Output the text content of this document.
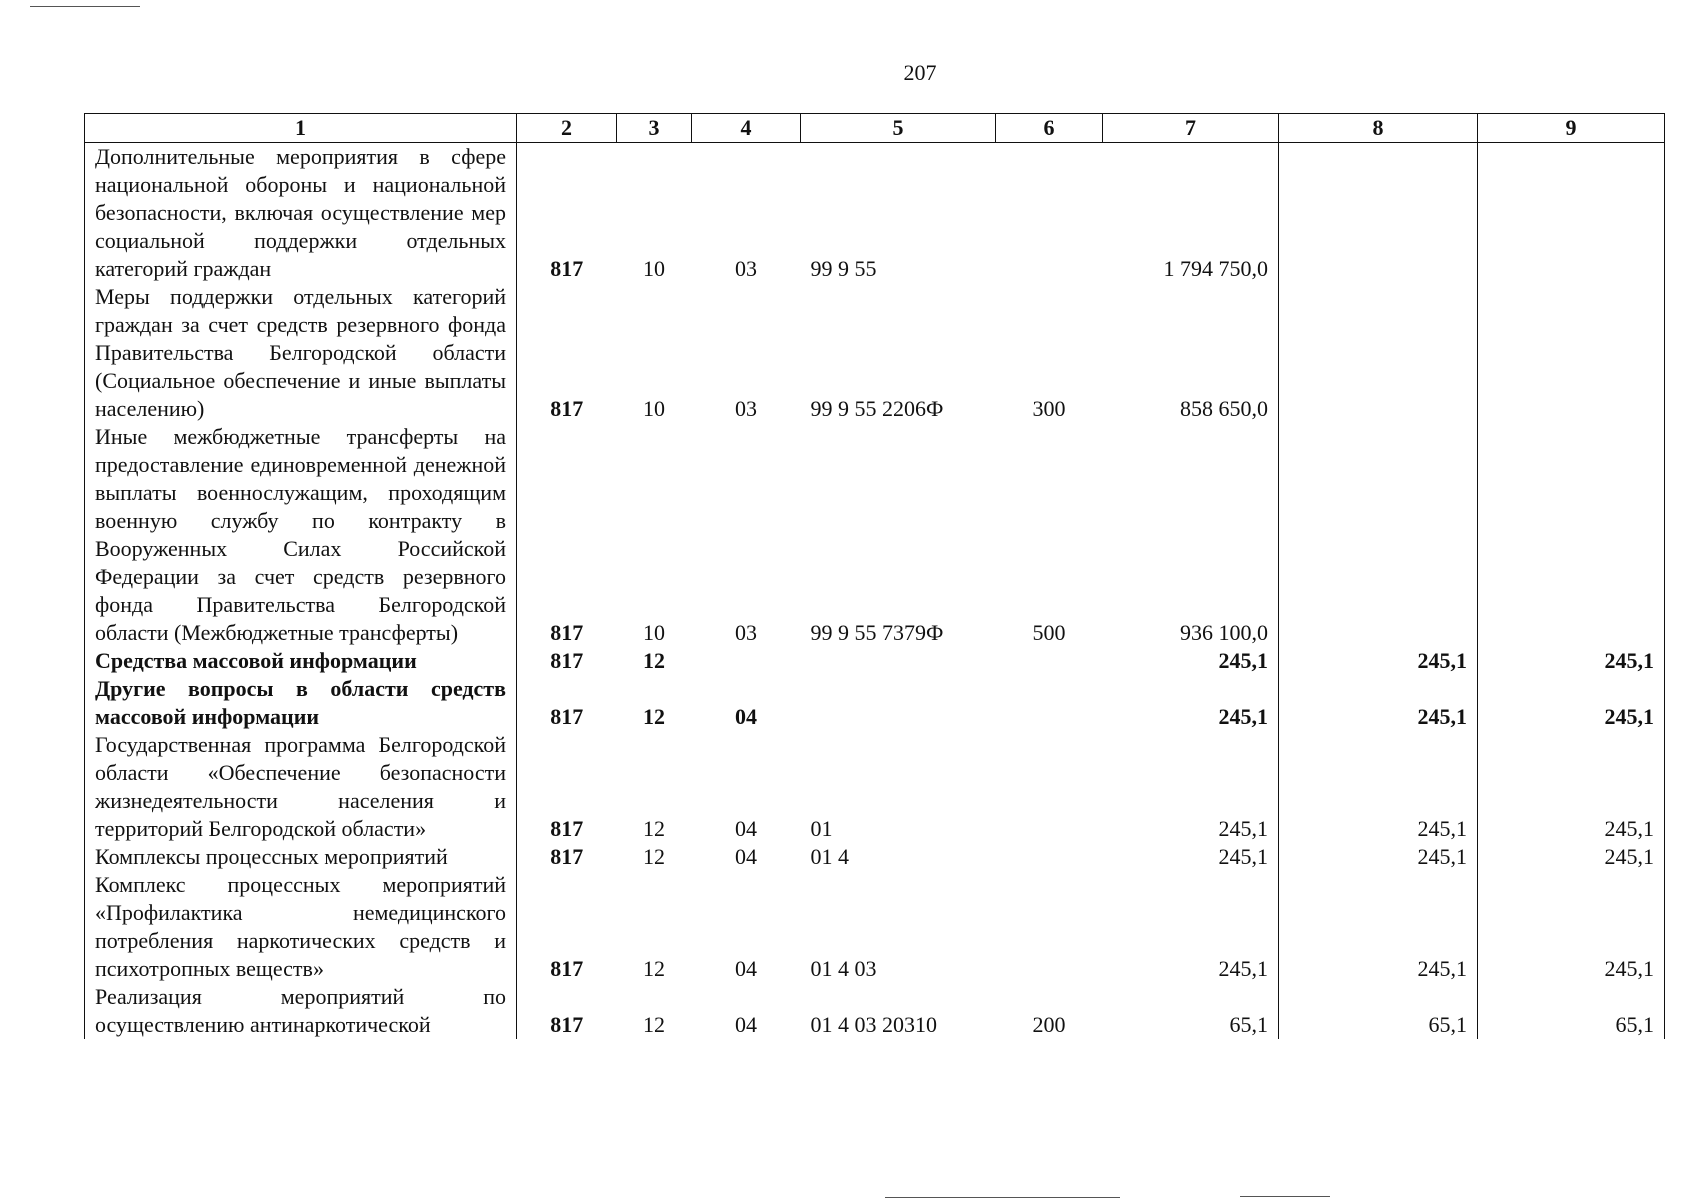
207
1	2	3	4	5	6	7	8	9
Дополнительные мероприятия в сфере национальной обороны и национальной безопасности, включая осуществление мер социальной поддержки отдельных категорий граждан	817	10	03	99 9 55		1 794 750,0		
Меры поддержки отдельных категорий граждан за счет средств резервного фонда Правительства Белгородской области (Социальное обеспечение и иные выплаты населению)	817	10	03	99 9 55 2206Ф	300	858 650,0		
Иные межбюджетные трансферты на предоставление единовременной денежной выплаты военнослужащим, проходящим военную службу по контракту в Вооруженных Силах Российской Федерации за счет средств резервного фонда Правительства Белгородской области (Межбюджетные трансферты)	817	10	03	99 9 55 7379Ф	500	936 100,0		
Средства массовой информации	817	12				245,1	245,1	245,1
Другие вопросы в области средств массовой информации	817	12	04			245,1	245,1	245,1
Государственная программа Белгородской области «Обеспечение безопасности жизнедеятельности населения и территорий Белгородской области»	817	12	04	01		245,1	245,1	245,1
Комплексы процессных мероприятий	817	12	04	01 4		245,1	245,1	245,1
Комплекс процессных мероприятий «Профилактика немедицинского потребления наркотических средств и психотропных веществ»	817	12	04	01 4 03		245,1	245,1	245,1
Реализация мероприятий по осуществлению антинаркотической	817	12	04	01 4 03 20310	200	65,1	65,1	65,1
